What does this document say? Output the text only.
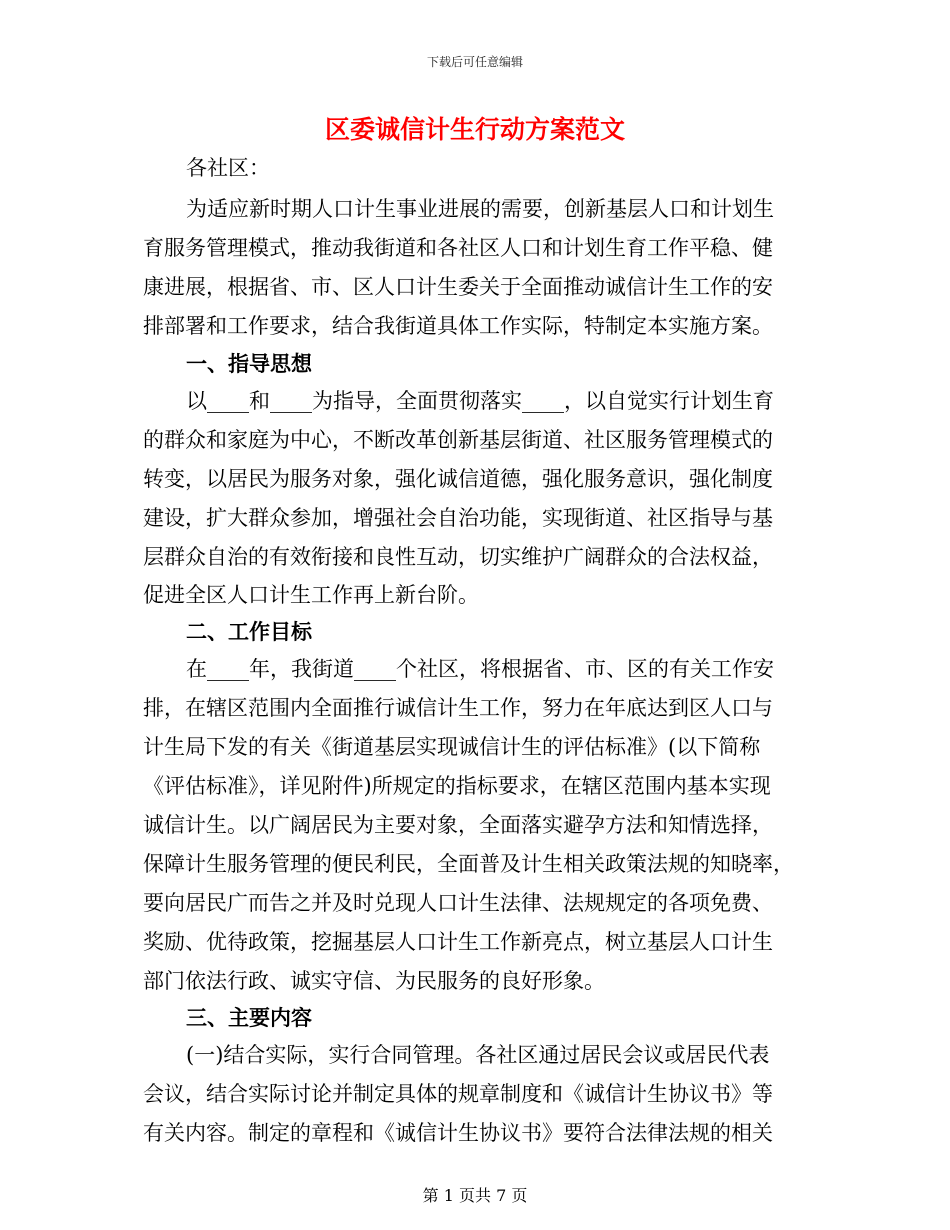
下载后可任意编辑
区委诚信计生行动方案范文
各社区：
为适应新时期人口计生事业进展的需要，创新基层人口和计划生
育服务管理模式，推动我街道和各社区人口和计划生育工作平稳、健
康进展，根据省、市、区人口计生委关于全面推动诚信计生工作的安
排部署和工作要求，结合我街道具体工作实际，特制定本实施方案。
一、指导思想
以____和____为指导，全面贯彻落实____，以自觉实行计划生育
的群众和家庭为中心，不断改革创新基层街道、社区服务管理模式的
转变，以居民为服务对象，强化诚信道德，强化服务意识，强化制度
建设，扩大群众参加，增强社会自治功能，实现街道、社区指导与基
层群众自治的有效衔接和良性互动，切实维护广阔群众的合法权益，
促进全区人口计生工作再上新台阶。
二、工作目标
在____年，我街道____个社区，将根据省、市、区的有关工作安
排，在辖区范围内全面推行诚信计生工作，努力在年底达到区人口与
计生局下发的有关《街道基层实现诚信计生的评估标准》(以下简称
《评估标准》，详见附件)所规定的指标要求，在辖区范围内基本实现
诚信计生。以广阔居民为主要对象，全面落实避孕方法和知情选择，
保障计生服务管理的便民利民，全面普及计生相关政策法规的知晓率，
要向居民广而告之并及时兑现人口计生法律、法规规定的各项免费、
奖励、优待政策，挖掘基层人口计生工作新亮点，树立基层人口计生
部门依法行政、诚实守信、为民服务的良好形象。
三、主要内容
(一)结合实际，实行合同管理。各社区通过居民会议或居民代表
会议，结合实际讨论并制定具体的规章制度和《诚信计生协议书》等
有关内容。制定的章程和《诚信计生协议书》要符合法律法规的相关
第 1 页共 7 页
